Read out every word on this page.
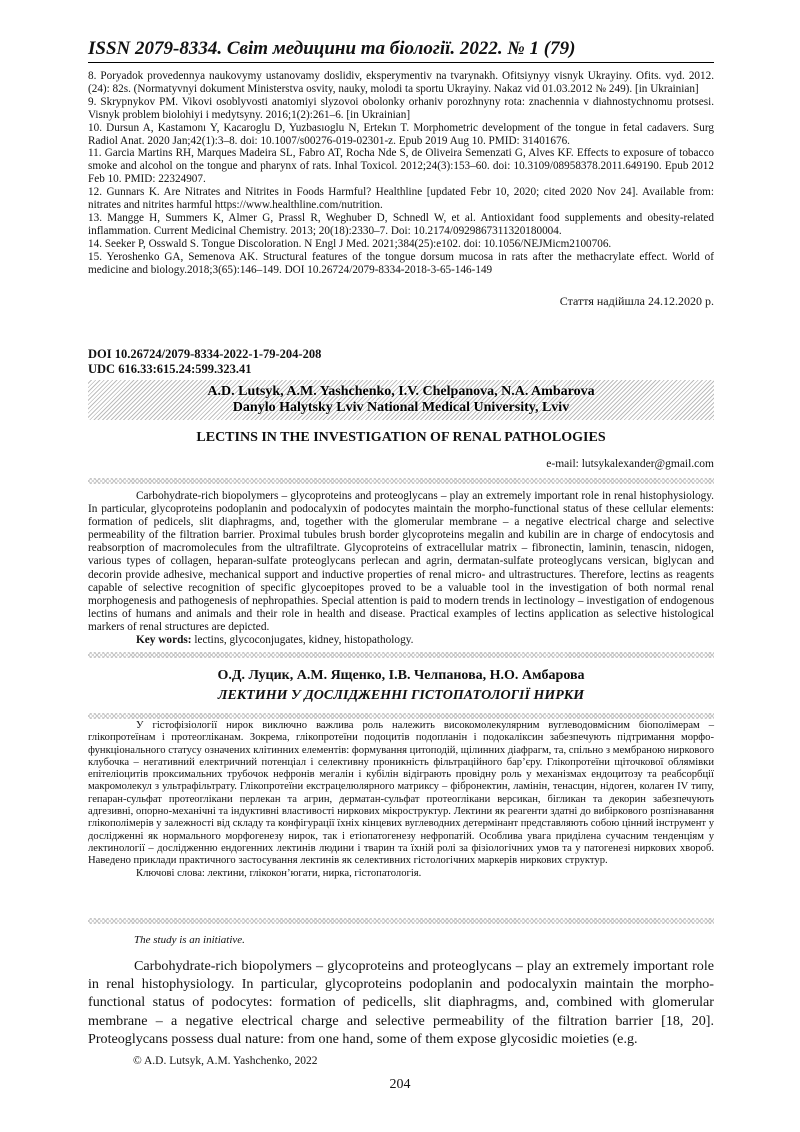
ISSN 2079-8334. Світ медицини та біології. 2022. № 1 (79)

8. Poryadok provedennya naukovymy ustanovamy doslidiv, eksperymentiv na tvarynakh. Ofitsiynyy visnyk Ukrayiny. Ofits. vyd. 2012. (24): 82s. (Normatyvnyi dokument Ministerstva osvity, nauky, molodi ta sportu Ukrayiny. Nakaz vid 01.03.2012 № 249). [in Ukrainian]

9. Skrypnykov PM. Vikovi osoblyvosti anatomiyi slyzovoi obolonky orhaniv porozhnyny rota: znachennia v diahnostychnomu protsesi. Visnyk problem biolohiyi i medytsyny. 2016;1(2):261–6. [in Ukrainian]

10. Dursun A, Kastamonı Y, Kacaroglu D, Yuzbasıoglu N, Ertekın T. Morphometric development of the tongue in fetal cadavers. Surg Radiol Anat. 2020 Jan;42(1):3–8. doi: 10.1007/s00276-019-02301-z. Epub 2019 Aug 10. PMID: 31401676.

11. Garcia Martins RH, Marques Madeira SL, Fabro AT, Rocha Nde S, de Oliveira Semenzati G, Alves KF. Effects to exposure of tobacco smoke and alcohol on the tongue and pharynx of rats. Inhal Toxicol. 2012;24(3):153–60. doi: 10.3109/08958378.2011.649190. Epub 2012 Feb 10. PMID: 22324907.

12. Gunnars K. Are Nitrates and Nitrites in Foods Harmful? Healthline [updated Febr 10, 2020; cited 2020 Nov 24]. Available from: nitrates and nitrites harmful https://www.healthline.com/nutrition.

13. Mangge H, Summers K, Almer G, Prassl R, Weghuber D, Schnedl W, et al. Antioxidant food supplements and obesity-related inflammation. Current Medicinal Chemistry. 2013; 20(18):2330–7. Doi: 10.2174/0929867311320180004.

14. Seeker P, Osswald S. Tongue Discoloration. N Engl J Med. 2021;384(25):e102. doi: 10.1056/NEJMicm2100706.

15. Yeroshenko GA, Semenova AK. Structural features of the tongue dorsum mucosa in rats after the methacrylate effect. World of medicine and biology.2018;3(65):146–149. DOI 10.26724/2079-8334-2018-3-65-146-149

Стаття надійшла 24.12.2020 р.
DOI 10.26724/2079-8334-2022-1-79-204-208
UDC 616.33:615.24:599.323.41
A.D. Lutsyk, A.M. Yashchenko, I.V. Chelpanova, N.A. Ambarova
Danylo Halytsky Lviv National Medical University, Lviv
LECTINS IN THE INVESTIGATION OF RENAL PATHOLOGIES
e-mail: lutsykalexander@gmail.com

Carbohydrate-rich biopolymers – glycoproteins and proteoglycans – play an extremely important role in renal histophysiology. In particular, glycoproteins podoplanin and podocalyxin of podocytes maintain the morpho-functional status of these cellular elements: formation of pedicels, slit diaphragms, and, together with the glomerular membrane – a negative electrical charge and selective permeability of the filtration barrier. Proximal tubules brush border glycoproteins megalin and kubilin are in charge of endocytosis and reabsorption of macromolecules from the ultrafiltrate. Glycoproteins of extracellular matrix – fibronectin, laminin, tenascin, nidogen, various types of collagen, heparan-sulfate proteoglycans perlecan and agrin, dermatan-sulfate proteoglycans versican, biglycan and decorin provide adhesive, mechanical support and inductive properties of renal micro- and ultrastructures. Therefore, lectins as reagents capable of selective recognition of specific glycoepitopes proved to be a valuable tool in the investigation of both normal renal morphogenesis and pathogenesis of nephropathies. Special attention is paid to modern trends in lectinology – investigation of endogenous lectins of humans and animals and their role in health and disease. Practical examples of lectins application as selective histological markers of renal structures are depicted.

Key words: lectins, glycoconjugates, kidney, histopathology.

О.Д. Луцик, А.М. Ященко, І.В. Челпанова, Н.О. Амбарова
ЛЕКТИНИ У ДОСЛІДЖЕННІ ГІСТОПАТОЛОГІЇ НИРКИ

У гістофізіології нирок виключно важлива роль належить високомолекулярним вуглеводовмісним біополімерам – глікопротеїнам і протеогліканам. Зокрема, глікопротеїни подоцитів подопланін і подокаліксин забезпечують підтримання морфо-функціонального статусу означених клітинних елементів: формування цитоподій, щілинних діафрагм, та, спільно з мембраною ниркового клубочка – негативний електричний потенціал і селективну проникність фільтраційного бар’єру. Глікопротеїни щіточкової облямівки епітеліоцитів проксимальних трубочок нефронів мегалін і кубілін відіграють провідну роль у механізмах ендоцитозу та реабсорбції макромолекул з ультрафільтрату. Глікопротеїни екстрацелюлярного матриксу – фібронектин, ламінін, тенасцин, нідоген, колаген IV типу, гепаран-сульфат протеоглікани перлекан та агрин, дерматан-сульфат протеоглікани версикан, бігликан та декорин забезпечують адгезивні, опорно-механічні та індуктивні властивості ниркових мікроструктур. Лектини як реагенти здатні до вибіркового розпізнавання глікополімерів у залежності від складу та конфігурації їхніх кінцевих вуглеводних детермінант представляють собою цінний інструмент у дослідженні як нормального морфогенезу нирок, так і етіопатогенезу нефропатій. Особлива увага приділена сучасним тенденціям у лектинології – дослідженню ендогенних лектинів людини і тварин та їхній ролі за фізіологічних умов та у патогенезі ниркових хвороб. Наведено приклади практичного застосування лектинів як селективних гістологічних маркерів ниркових структур.

Ключові слова: лектини, глікокон’югати, нирка, гістопатологія.

The study is an initiative.

Carbohydrate-rich biopolymers – glycoproteins and proteoglycans – play an extremely important role in renal histophysiology. In particular, glycoproteins podoplanin and podocalyxin maintain the morpho-functional status of podocytes: formation of pedicells, slit diaphragms, and, combined with glomerular membrane – a negative electrical charge and selective permeability of the filtration barrier [18, 20]. Proteoglycans possess dual nature: from one hand, some of them expose glycosidic moieties (e.g.

© A.D. Lutsyk, A.M. Yashchenko, 2022
204
